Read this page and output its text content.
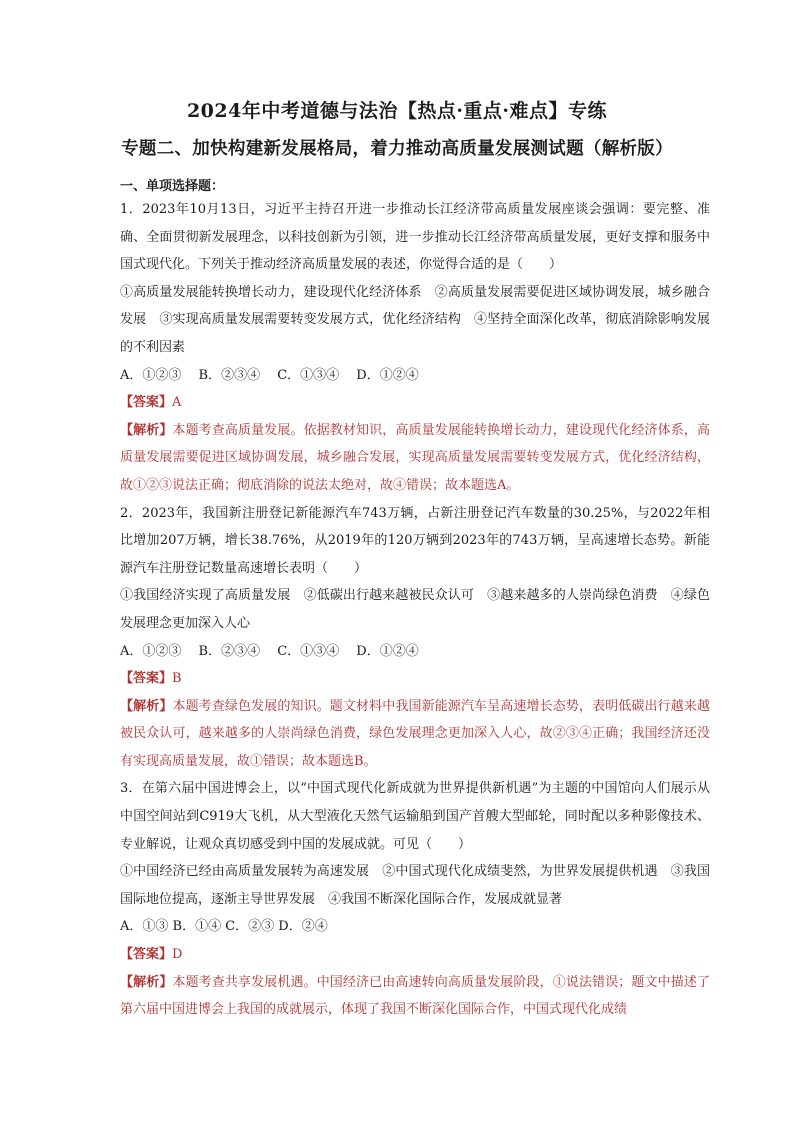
2024年中考道德与法治【热点·重点·难点】专练
专题二、加快构建新发展格局，着力推动高质量发展测试题（解析版）
一、单项选择题：

1．2023年10月13日，习近平主持召开进一步推动长江经济带高质量发展座谈会强调：要完整、准确、全面贯彻新发展理念，以科技创新为引领，进一步推动长江经济带高质量发展，更好支撑和服务中国式现代化。下列关于推动经济高质量发展的表述，你觉得合适的是（　　）

①高质量发展能转换增长动力，建设现代化经济体系　②高质量发展需要促进区域协调发展，城乡融合发展　③实现高质量发展需要转变发展方式，优化经济结构　④坚持全面深化改革，彻底消除影响发展的不利因素

A．①②③　 B．②③④　 C．①③④　 D．①②④

【答案】A

【解析】本题考查高质量发展。依据教材知识，高质量发展能转换增长动力，建设现代化经济体系，高质量发展需要促进区域协调发展，城乡融合发展，实现高质量发展需要转变发展方式，优化经济结构，故①②③说法正确；彻底消除的说法太绝对，故④错误；故本题选A。

2．2023年，我国新注册登记新能源汽车743万辆，占新注册登记汽车数量的30.25%，与2022年相比增加207万辆，增长38.76%，从2019年的120万辆到2023年的743万辆，呈高速增长态势。新能源汽车注册登记数量高速增长表明（　　）

①我国经济实现了高质量发展　②低碳出行越来越被民众认可　③越来越多的人崇尚绿色消费　④绿色发展理念更加深入人心

A．①②③　 B．②③④　 C．①③④　 D．①②④

【答案】B

【解析】本题考查绿色发展的知识。题文材料中我国新能源汽车呈高速增长态势，表明低碳出行越来越被民众认可，越来越多的人崇尚绿色消费，绿色发展理念更加深入人心，故②③④正确；我国经济还没有实现高质量发展，故①错误；故本题选B。

3．在第六届中国进博会上，以“中国式现代化新成就为世界提供新机遇”为主题的中国馆向人们展示从中国空间站到C919大飞机，从大型液化天然气运输船到国产首艘大型邮轮，同时配以多种影像技术、专业解说，让观众真切感受到中国的发展成就。可见（　　）

①中国经济已经由高质量发展转为高速发展　②中国式现代化成绩斐然，为世界发展提供机遇　③我国国际地位提高，逐渐主导世界发展　④我国不断深化国际合作，发展成就显著

A．①③ B．①④ C．②③ D．②④

【答案】D

【解析】本题考查共享发展机遇。中国经济已由高速转向高质量发展阶段，①说法错误；题文中描述了第六届中国进博会上我国的成就展示，体现了我国不断深化国际合作，中国式现代化成绩
